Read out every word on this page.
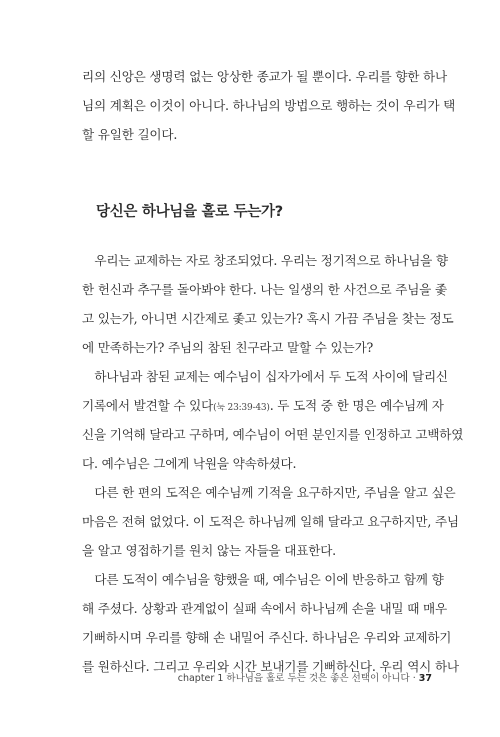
리의 신앙은 생명력 없는 앙상한 종교가 될 뿐이다. 우리를 향한 하나
님의 계획은 이것이 아니다. 하나님의 방법으로 행하는 것이 우리가 택
할 유일한 길이다.
당신은 하나님을 홀로 두는가?
　우리는 교제하는 자로 창조되었다. 우리는 정기적으로 하나님을 향
한 헌신과 추구를 돌아봐야 한다. 나는 일생의 한 사건으로 주님을 좇
고 있는가, 아니면 시간제로 좇고 있는가? 혹시 가끔 주님을 찾는 정도
에 만족하는가? 주님의 참된 친구라고 말할 수 있는가?
　하나님과 참된 교제는 예수님이 십자가에서 두 도적 사이에 달리신
기록에서 발견할 수 있다(눅 23:39-43). 두 도적 중 한 명은 예수님께 자
신을 기억해 달라고 구하며, 예수님이 어떤 분인지를 인정하고 고백하였
다. 예수님은 그에게 낙원을 약속하셨다.
　다른 한 편의 도적은 예수님께 기적을 요구하지만, 주님을 알고 싶은
마음은 전혀 없었다. 이 도적은 하나님께 일해 달라고 요구하지만, 주님
을 알고 영접하기를 원치 않는 자들을 대표한다.
　다른 도적이 예수님을 향했을 때, 예수님은 이에 반응하고 함께 향
해 주셨다. 상황과 관계없이 실패 속에서 하나님께 손을 내밀 때 매우
기뻐하시며 우리를 향해 손 내밀어 주신다. 하나님은 우리와 교제하기
를 원하신다. 그리고 우리와 시간 보내기를 기뻐하신다. 우리 역시 하나
chapter 1 하나님을 홀로 두는 것은 좋은 선택이 아니다 · 37
